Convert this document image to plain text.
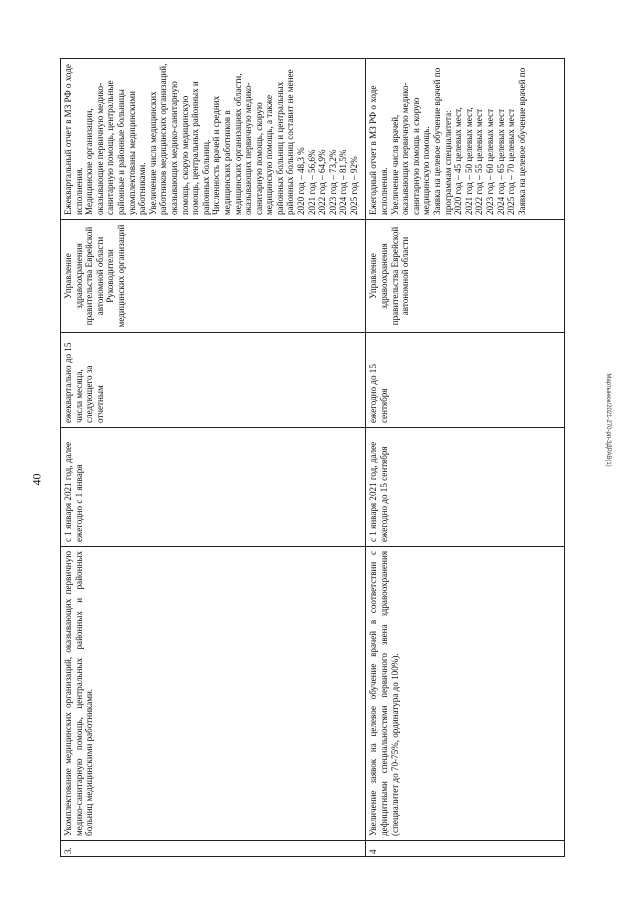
40
Мартынюк/2021-270-рп-ЗДРАВ(1)
3.
Укомплектование медицинских организаций, оказывающих первичную медико-санитарную помощь, центральных районных и районных больниц медицинскими работниками.
с 1 января 2021 год, далее ежегодно с 1 января
ежеквартально до 15 числа месяца, следующего за отчетным
Управление здравоохранения правительства Еврейской автономной области Руководители медицинских организаций
Ежеквартальный отчет в МЗ РФ о ходе исполнения. Медицинские организации, оказывающие первичную медико-санитарную помощь, центральные районные и районные больницы укомплектованы медицинскими работниками. Увеличение числа медицинских работников медицинских организаций, оказывающих медико-санитарную помощь, скорую медицинскую помощь, центральных районных и районных больниц. Численность врачей и средних медицинских работников в медицинских организациях области, оказывающих первичную медико-санитарную помощь, скорую медицинскую помощь, а также районных больниц и центральных районных больниц составит не менее 2020 год – 48,3 % 2021 год – 56,6% 2022 год – 64,9% 2023 год – 73,2% 2024 год – 81,5% 2025 год – 92%
4
Увеличение заявок на целевое обучение врачей в соответствии с дефицитными специальностями первичного звена здравоохранения (специалитет до 70-75%, ординатура до 100%).
с 1 января 2021 год, далее ежегодно до 15 сентября
ежегодно до 15 сентября
Управление здравоохранения правительства Еврейской автономной области
Ежегодный отчет в МЗ РФ о ходе исполнения. Увеличение числа врачей, оказывающих первичную медико-санитарную помощь и скорую медицинскую помощь. Заявка на целевое обучение врачей по программам специалитета: 2020 год – 45 целевых мест, 2021 год – 50 целевых мест, 2022 год – 55 целевых мест 2023 год – 60 целевых мест 2024 год – 65 целевых мест 2025 год – 70 целевых мест Заявка на целевое обучение врачей по
